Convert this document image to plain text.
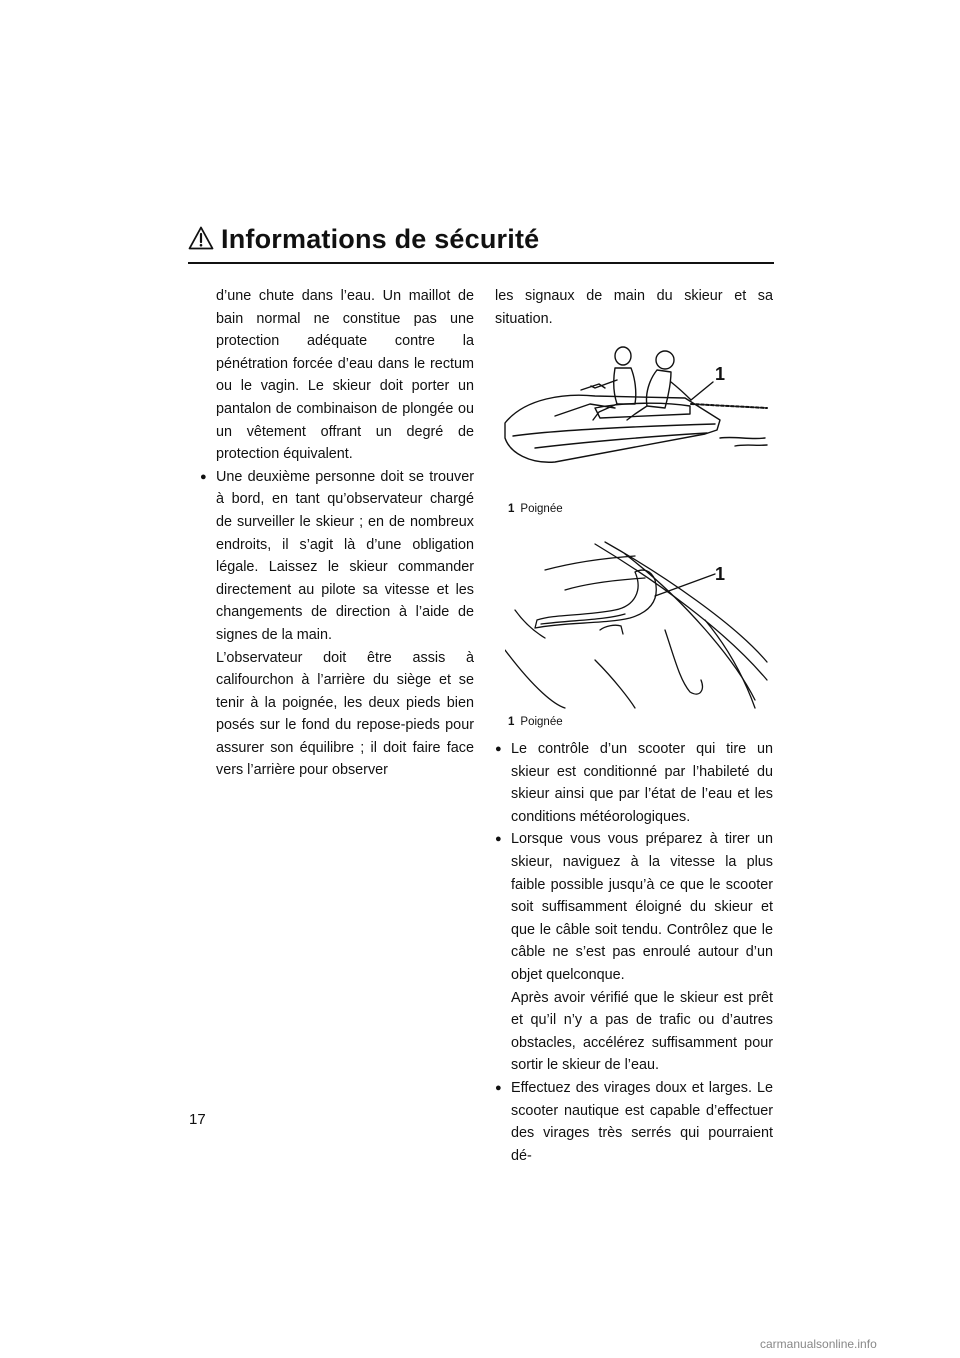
Informations de sécurité

d’une chute dans l’eau. Un maillot de bain normal ne constitue pas une protection adéquate contre la pénétration forcée d’eau dans le rectum ou le vagin. Le skieur doit porter un pantalon de combinaison de plongée ou un vêtement offrant un degré de protection équivalent.

● Une deuxième personne doit se trouver à bord, en tant qu’observateur chargé de surveiller le skieur ; en de nombreux endroits, il s’agit là d’une obligation légale. Laissez le skieur commander directement au pilote sa vitesse et les changements de direction à l’aide de signes de la main.

L’observateur doit être assis à califourchon à l’arrière du siège et se tenir à la poignée, les deux pieds bien posés sur le fond du repose-pieds pour assurer son équilibre ; il doit faire face vers l’arrière pour observer

les signaux de main du skieur et sa situation.

1
1 Poignée
1
1 Poignée
● Le contrôle d’un scooter qui tire un skieur est conditionné par l’habileté du skieur ainsi que par l’état de l’eau et les conditions météorologiques.

● Lorsque vous vous préparez à tirer un skieur, naviguez à la vitesse la plus faible possible jusqu’à ce que le scooter soit suffisamment éloigné du skieur et que le câble soit tendu. Contrôlez que le câble ne s’est pas enroulé autour d’un objet quelconque.

Après avoir vérifié que le skieur est prêt et qu’il n’y a pas de trafic ou d’autres obstacles, accélérez suffisamment pour sortir le skieur de l’eau.

● Effectuez des virages doux et larges. Le scooter nautique est capable d’effectuer des virages très serrés qui pourraient dé-

17
carmanualsonline.info
